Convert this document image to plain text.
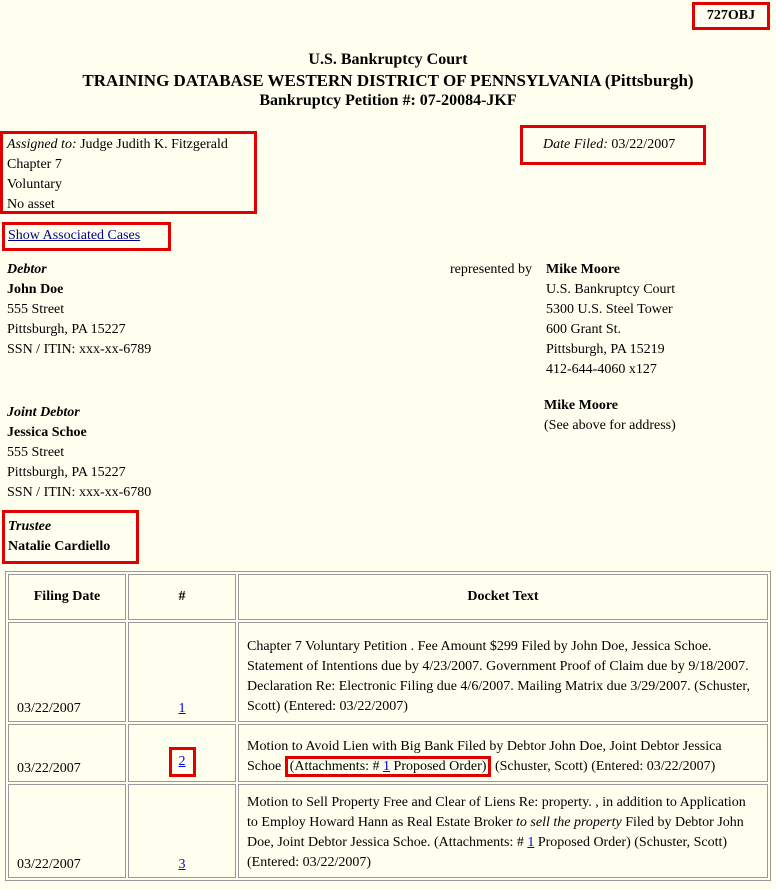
727OBJ
U.S. Bankruptcy Court
TRAINING DATABASE WESTERN DISTRICT OF PENNSYLVANIA (Pittsburgh)
Bankruptcy Petition #: 07-20084-JKF
Assigned to: Judge Judith K. Fitzgerald
Chapter 7
Voluntary
No asset
Date Filed: 03/22/2007
Show Associated Cases
Debtor
John Doe
555 Street
Pittsburgh, PA 15227
SSN / ITIN: xxx-xx-6789
represented by Mike Moore
U.S. Bankruptcy Court
5300 U.S. Steel Tower
600 Grant St.
Pittsburgh, PA 15219
412-644-4060 x127
Joint Debtor
Jessica Schoe
555 Street
Pittsburgh, PA 15227
SSN / ITIN: xxx-xx-6780
Mike Moore
(See above for address)
Trustee
Natalie Cardiello
Filing Date	#	Docket Text
03/22/2007	1	Chapter 7 Voluntary Petition . Fee Amount $299 Filed by John Doe, Jessica Schoe. Statement of Intentions due by 4/23/2007. Government Proof of Claim due by 9/18/2007. Declaration Re: Electronic Filing due 4/6/2007. Mailing Matrix due 3/29/2007. (Schuster, Scott) (Entered: 03/22/2007)
03/22/2007	2	Motion to Avoid Lien with Big Bank Filed by Debtor John Doe, Joint Debtor Jessica Schoe (Attachments: # 1 Proposed Order) (Schuster, Scott) (Entered: 03/22/2007)
03/22/2007	3	Motion to Sell Property Free and Clear of Liens Re: property. , in addition to Application to Employ Howard Hann as Real Estate Broker to sell the property Filed by Debtor John Doe, Joint Debtor Jessica Schoe. (Attachments: # 1 Proposed Order) (Schuster, Scott) (Entered: 03/22/2007)
